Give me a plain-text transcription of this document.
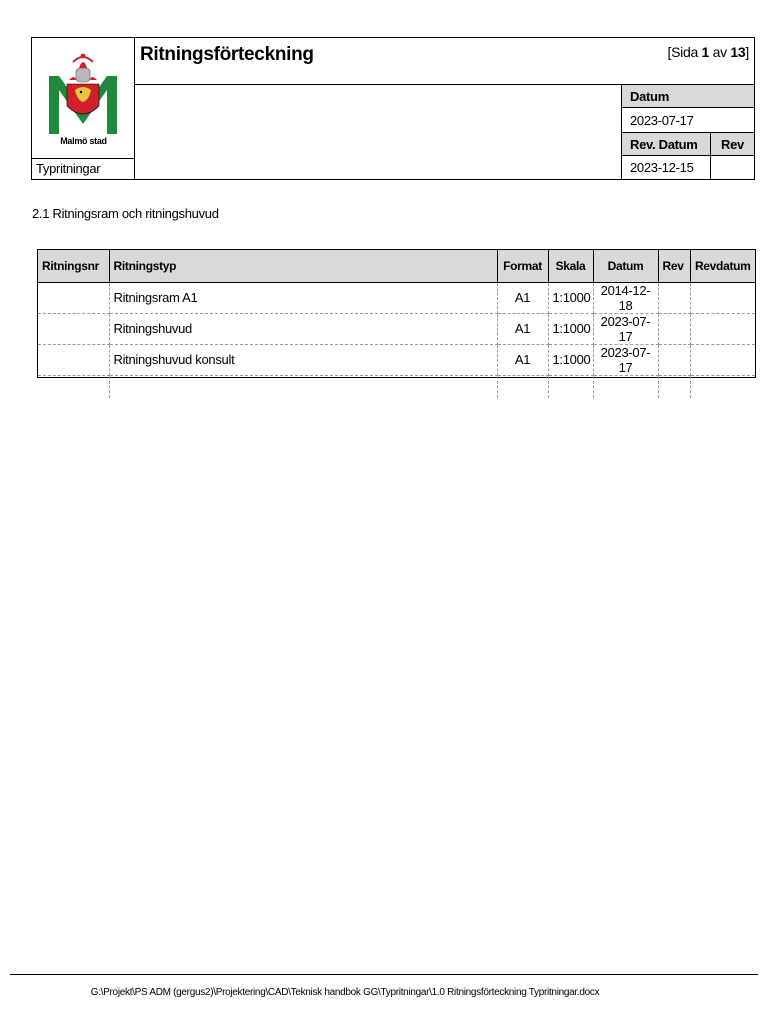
Malmö stad
Typritningar
Ritningsförteckning	[Sida 1 av 13]
Datum
2023-07-17
Rev. Datum	Rev
2023-12-15
2.1 Ritningsram och ritningshuvud
Ritningsnr	Ritningstyp	Format	Skala	Datum	Rev	Revdatum
	Ritningsram A1	A1	1:1000	2014-12-18		
	Ritningshuvud	A1	1:1000	2023-07-17		
	Ritningshuvud konsult	A1	1:1000	2023-07-17		

G:\Projekt\PS ADM (gergus2)\Projektering\CAD\Teknisk handbok GG\Typritningar\1.0 Ritningsförteckning Typritningar.docx
